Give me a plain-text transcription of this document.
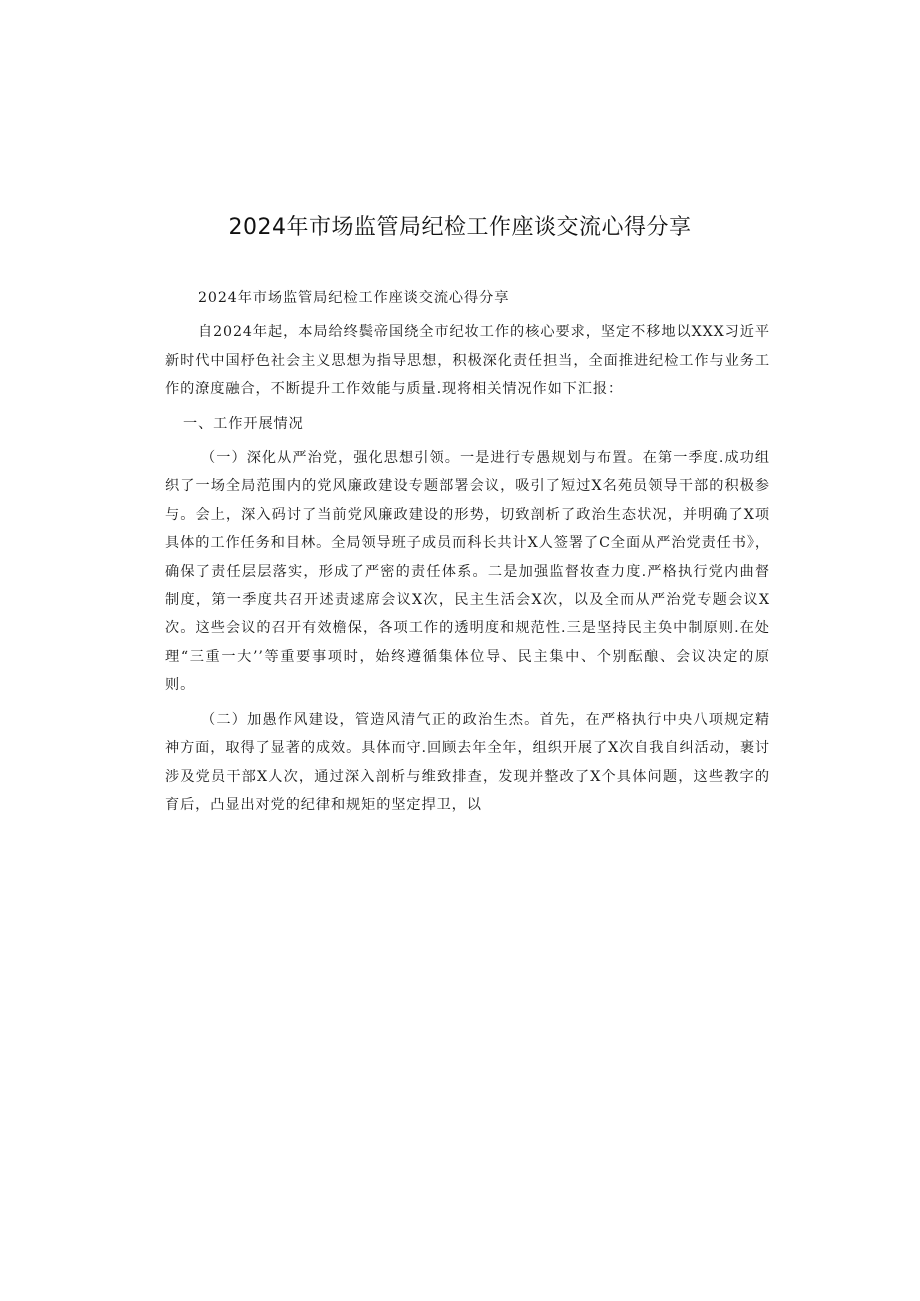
2024年市场监管局纪检工作座谈交流心得分享

2024年市场监管局纪检工作座谈交流心得分享

自2024年起，本局给终鬓帝国绕全市纪妆工作的核心要求，坚定不移地以XXX习近平新时代中国杼色社会主义思想为指导思想，积极深化责任担当，全面推进纪检工作与业务工作的潦度融合，不断提升工作效能与质量.现将相关情况作如下汇报：

一、工作开展情况

（一）深化从严治党，强化思想引领。一是进行专愚规划与布置。在第一季度.成功组织了一场全局范围内的党风廉政建设专题部署会议，吸引了短过X名苑员领导干部的积极参与。会上，深入码讨了当前党风廉政建设的形势，切致剖析了政治生态状况，并明确了X项具体的工作任务和目林。全局领导班子成员而科长共计X人签署了C全面从严治党责任书》，确保了责任层层落实，形成了严密的责任体系。二是加强监督妆查力度.严格执行党内曲督制度，第一季度共召开述责逑席会议X次，民主生活会X次，以及全而从严治党专题会议X次。这些会议的召开有效檐保，各项工作的透明度和规范性.三是坚持民主奂中制原则.在处理“三重一大’’等重要事项时，始终遵循集体位导、民主集中、个别酝酿、会议决定的原则。

（二）加愚作风建设，管造风清气正的政治生杰。首先，在严格执行中央八项规定精神方面，取得了显著的成效。具体而守.回顾去年全年，组织开展了X次自我自纠活动，裹讨涉及党员干部X人次，通过深入剖析与维致排查，发现并整改了X个具体问题，这些教字的育后，凸显出对党的纪律和规矩的坚定捍卫，以
